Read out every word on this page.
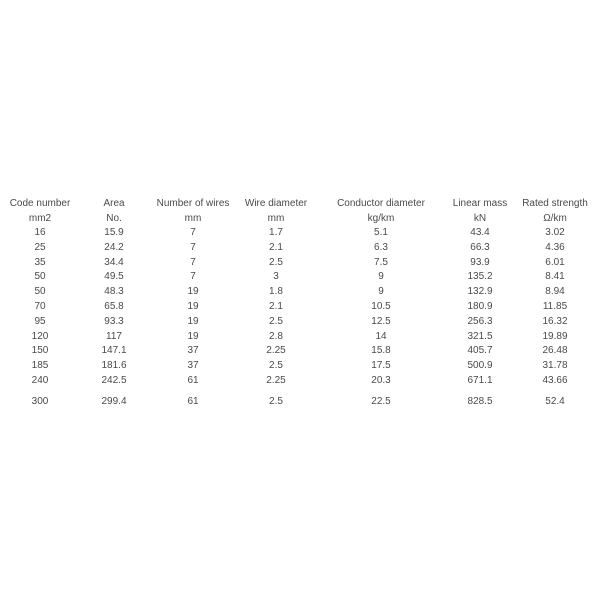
Code number	Area	Number of wires	Wire diameter	Conductor diameter	Linear mass	Rated strength
mm2	No.	mm	mm	kg/km	kN	Ω/km
16	15.9	7	1.7	5.1	43.4	3.02
25	24.2	7	2.1	6.3	66.3	4.36
35	34.4	7	2.5	7.5	93.9	6.01
50	49.5	7	3	9	135.2	8.41
50	48.3	19	1.8	9	132.9	8.94
70	65.8	19	2.1	10.5	180.9	11.85
95	93.3	19	2.5	12.5	256.3	16.32
120	117	19	2.8	14	321.5	19.89
150	147.1	37	2.25	15.8	405.7	26.48
185	181.6	37	2.5	17.5	500.9	31.78
240	242.5	61	2.25	20.3	671.1	43.66
300	299.4	61	2.5	22.5	828.5	52.4
